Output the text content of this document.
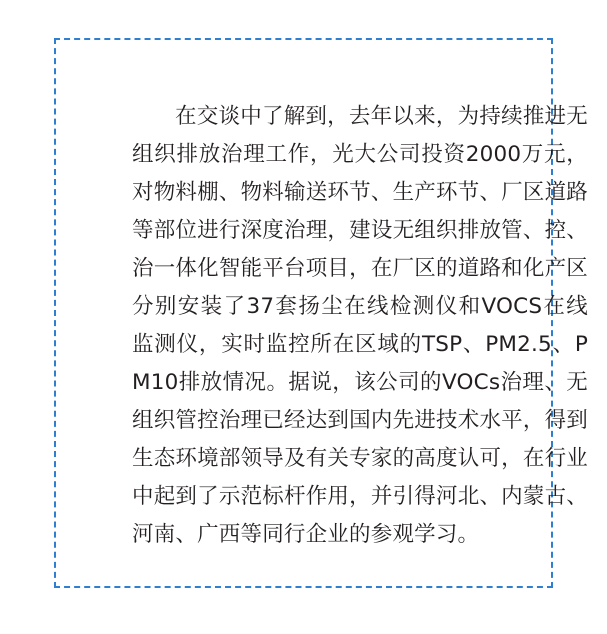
在交谈中了解到，去年以来，为持续推进无组织排放治理工作，光大公司投资2000万元，对物料棚、物料输送环节、生产环节、厂区道路等部位进行深度治理，建设无组织排放管、控、治一体化智能平台项目，在厂区的道路和化产区分别安装了37套扬尘在线检测仪和VOCS在线监测仪，实时监控所在区域的TSP、PM2.5、PM10排放情况。据说，该公司的VOCs治理、无组织管控治理已经达到国内先进技术水平，得到生态环境部领导及有关专家的高度认可，在行业中起到了示范标杆作用，并引得河北、内蒙古、河南、广西等同行企业的参观学习。
